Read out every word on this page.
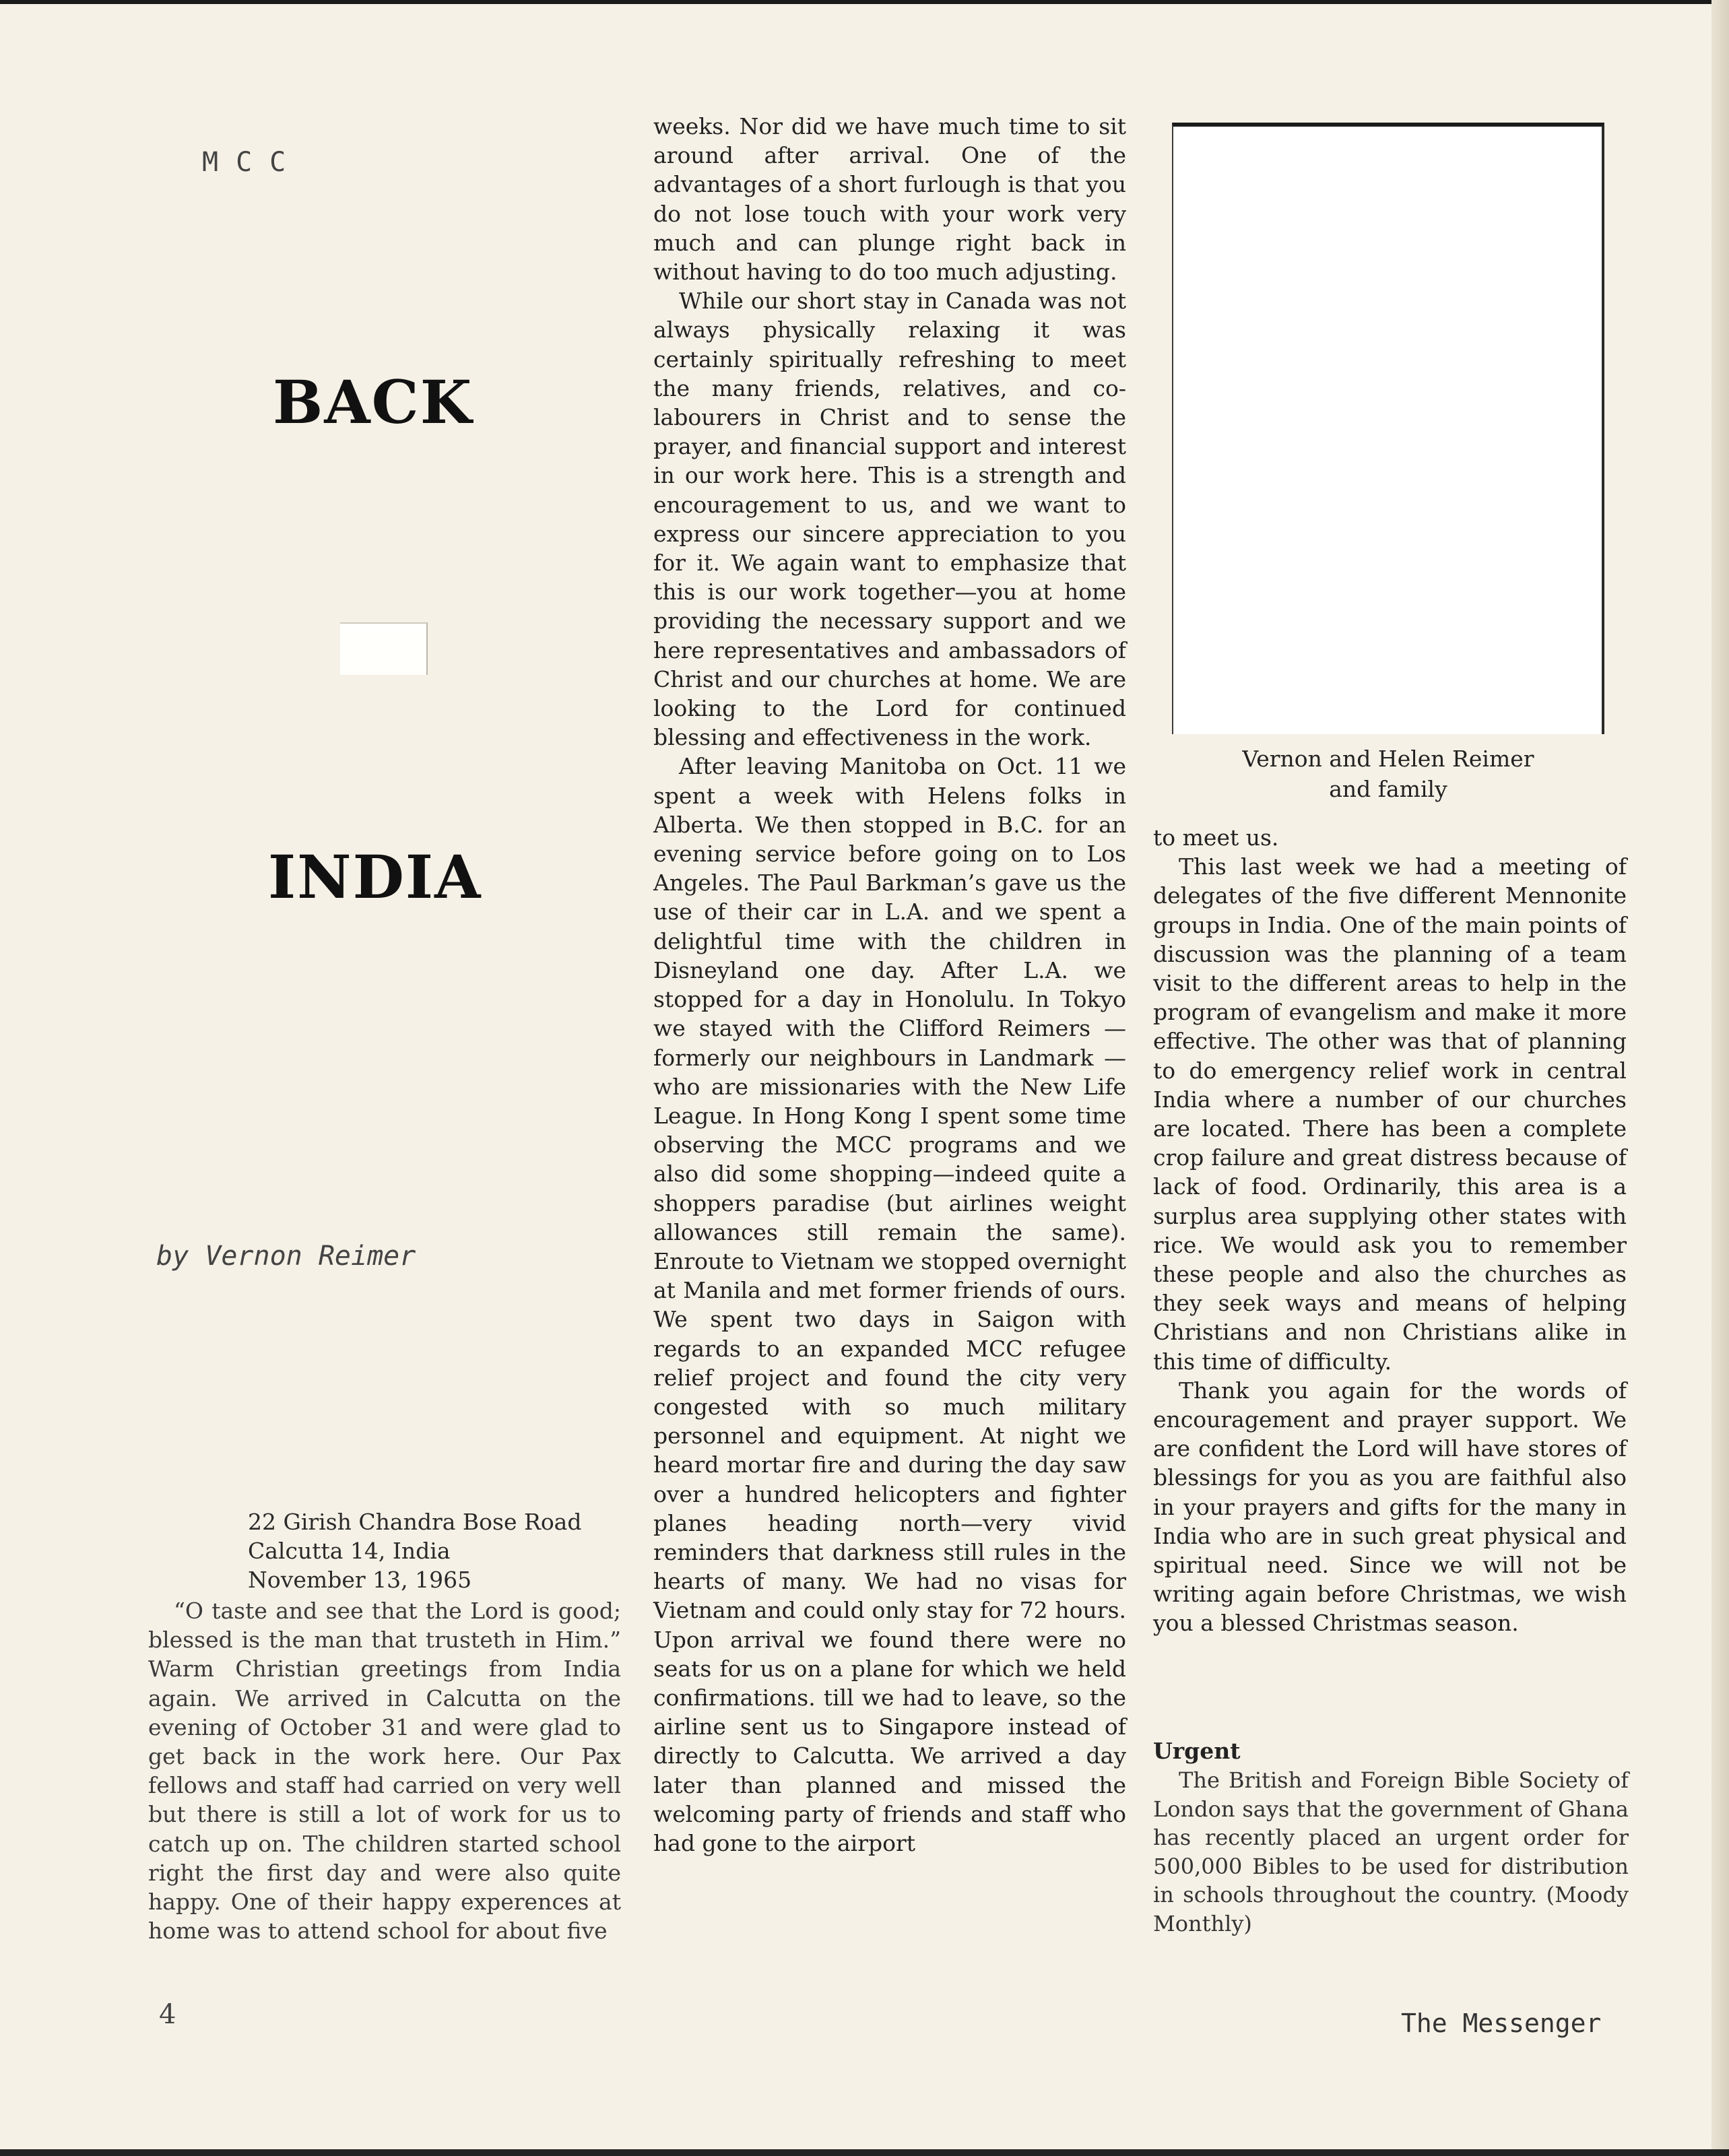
MCC
BACK
INDIA
by Vernon Reimer
22 Girish Chandra Bose Road
Calcutta 14, India
November 13, 1965

“O taste and see that the Lord is good; blessed is the man that trusteth in Him.” Warm Christian greetings from India again. We arrived in Calcutta on the evening of October 31 and were glad to get back in the work here. Our Pax fellows and staff had carried on very well but there is still a lot of work for us to catch up on. The children started school right the first day and were also quite happy. One of their happy experences at home was to attend school for about five

weeks. Nor did we have much time to sit around after arrival. One of the advantages of a short furlough is that you do not lose touch with your work very much and can plunge right back in without having to do too much adjusting.

While our short stay in Canada was not always physically relaxing it was certainly spiritually refreshing to meet the many friends, relatives, and co-labourers in Christ and to sense the prayer, and financial support and interest in our work here. This is a strength and encouragement to us, and we want to express our sincere appreciation to you for it. We again want to emphasize that this is our work together—you at home providing the necessary support and we here representatives and ambassadors of Christ and our churches at home. We are looking to the Lord for continued blessing and effectiveness in the work.

After leaving Manitoba on Oct. 11 we spent a week with Helens folks in Alberta. We then stopped in B.C. for an evening service before going on to Los Angeles. The Paul Barkman’s gave us the use of their car in L.A. and we spent a delightful time with the children in Disneyland one day. After L.A. we stopped for a day in Honolulu. In Tokyo we stayed with the Clifford Reimers — formerly our neighbours in Landmark — who are missionaries with the New Life League. In Hong Kong I spent some time observing the MCC programs and we also did some shopping—indeed quite a shoppers paradise (but airlines weight allowances still remain the same). Enroute to Vietnam we stopped overnight at Manila and met former friends of ours. We spent two days in Saigon with regards to an expanded MCC refugee relief project and found the city very congested with so much military personnel and equipment. At night we heard mortar fire and during the day saw over a hundred helicopters and fighter planes heading north—very vivid reminders that darkness still rules in the hearts of many. We had no visas for Vietnam and could only stay for 72 hours. Upon arrival we found there were no seats for us on a plane for which we held confirmations. till we had to leave, so the airline sent us to Singapore instead of directly to Calcutta. We arrived a day later than planned and missed the welcoming party of friends and staff who had gone to the airport

Vernon and Helen Reimer
and family

to meet us.

This last week we had a meeting of delegates of the five different Mennonite groups in India. One of the main points of discussion was the planning of a team visit to the different areas to help in the program of evangelism and make it more effective. The other was that of planning to do emergency relief work in central India where a number of our churches are located. There has been a complete crop failure and great distress because of lack of food. Ordinarily, this area is a surplus area supplying other states with rice. We would ask you to remember these people and also the churches as they seek ways and means of helping Christians and non Christians alike in this time of difficulty.

Thank you again for the words of encouragement and prayer support. We are confident the Lord will have stores of blessings for you as you are faithful also in your prayers and gifts for the many in India who are in such great physical and spiritual need. Since we will not be writing again before Christmas, we wish you a blessed Christmas season.

Urgent

The British and Foreign Bible Society of London says that the government of Ghana has recently placed an urgent order for 500,000 Bibles to be used for distribution in schools throughout the country. (Moody Monthly)

4	The Messenger
